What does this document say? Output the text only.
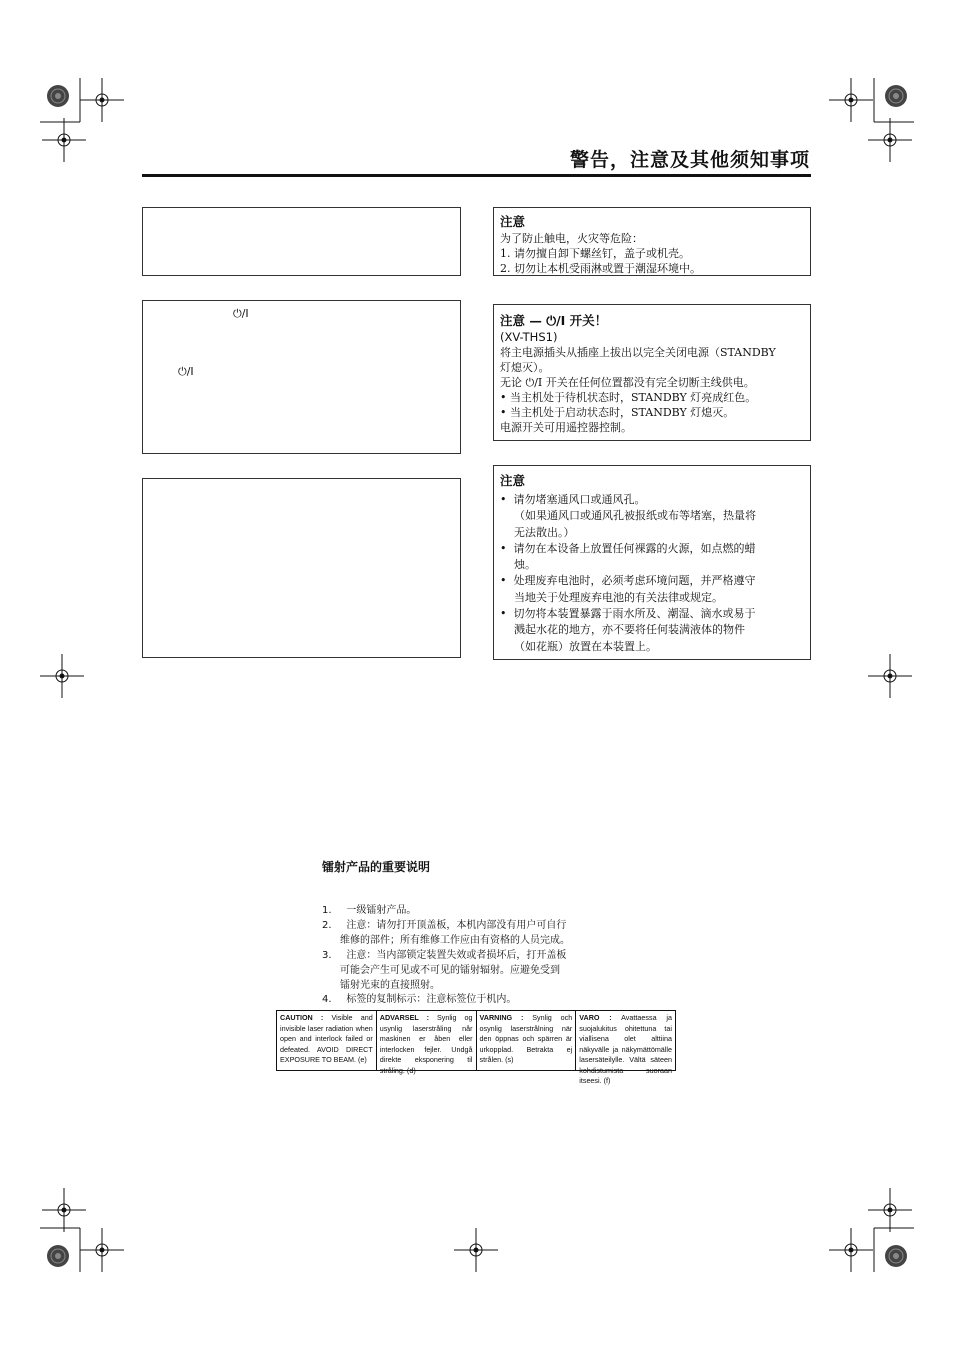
警告，注意及其他须知事项
⏻/I
⏻/I
注意
为了防止触电，火灾等危险：
1. 请勿擅自卸下螺丝钉，盖子或机壳。
2. 切勿让本机受雨淋或置于潮湿环境中。
注意 — ⏻/I 开关！
(XV-THS1)
将主电源插头从插座上拔出以完全关闭电源（STANDBY
灯熄灭）。
无论 ⏻/I 开关在任何位置都没有完全切断主线供电。
• 当主机处于待机状态时，STANDBY 灯亮成红色。
• 当主机处于启动状态时，STANDBY 灯熄灭。
电源开关可用遥控器控制。
注意
•  请勿堵塞通风口或通风孔。
（如果通风口或通风孔被报纸或布等堵塞，热量将
无法散出。）
•  请勿在本设备上放置任何裸露的火源，如点燃的蜡
烛。
•  处理废弃电池时，必须考虑环境问题，并严格遵守
当地关于处理废弃电池的有关法律或规定。
•  切勿将本装置暴露于雨水所及、潮湿、滴水或易于
溅起水花的地方，亦不要将任何装满液体的物件
（如花瓶）放置在本装置上。
镭射产品的重要说明

1. 一级镭射产品。

2. 注意：请勿打开顶盖板，本机内部没有用户可自行
维修的部件；所有维修工作应由有资格的人员完成。

3. 注意：当内部锁定装置失效或者损坏后，打开盖板
可能会产生可见或不可见的镭射辐射。应避免受到
镭射光束的直接照射。

4. 标签的复制标示：注意标签位于机内。

CAUTION : Visible and invisible laser radiation when open and interlock failed or defeated. AVOID DIRECT EXPOSURE TO BEAM. (e)
ADVARSEL : Synlig og usynlig laserstråling når maskinen er åben eller interlocken fejler. Undgå direkte eksponering til stråling. (d)
VARNING : Synlig och osynlig laserstrålning när den öppnas och spärren är urkopplad. Betrakta ej strålen. (s)
VARO : Avattaessa ja suojalukitus ohitettuna tai viallisena olet alttiina näkyvälle ja näkymättömälle lasersäteilylle. Vältä säteen kohdistumista suoraan itseesi. (f)
